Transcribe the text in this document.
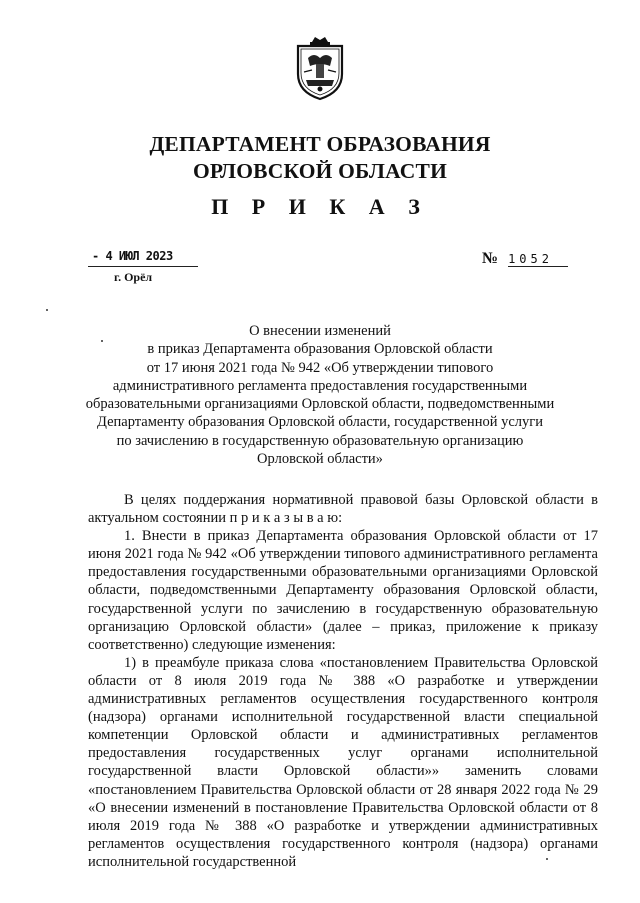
ДЕПАРТАМЕНТ ОБРАЗОВАНИЯ
ОРЛОВСКОЙ ОБЛАСТИ
П Р И К А З
- 4 ИЮЛ 2023
г. Орёл
№ 1052
О внесении изменений
в приказ Департамента образования Орловской области
от 17 июня 2021 года № 942 «Об утверждении типового
административного регламента предоставления государственными
образовательными организациями Орловской области, подведомственными
Департаменту образования Орловской области, государственной услуги
по зачислению в государственную образовательную организацию
Орловской области»

В целях поддержания нормативной правовой базы Орловской области в актуальном состоянии п р и к а з ы в а ю:

1. Внести в приказ Департамента образования Орловской области от 17 июня 2021 года № 942 «Об утверждении типового административного регламента предоставления государственными образовательными организациями Орловской области, подведомственными Департаменту образования Орловской области, государственной услуги по зачислению в государственную образовательную организацию Орловской области» (далее – приказ, приложение к приказу соответственно) следующие изменения:

1) в преамбуле приказа слова «постановлением Правительства Орловской области от 8 июля 2019 года № 388 «О разработке и утверждении административных регламентов осуществления государственного контроля (надзора) органами исполнительной государственной власти специальной компетенции Орловской области и административных регламентов предоставления государственных услуг органами исполнительной государственной власти Орловской области»» заменить словами «постановлением Правительства Орловской области от 28 января 2022 года № 29 «О внесении изменений в постановление Правительства Орловской области от 8 июля 2019 года № 388 «О разработке и утверждении административных регламентов осуществления государственного контроля (надзора) органами исполнительной государственной
